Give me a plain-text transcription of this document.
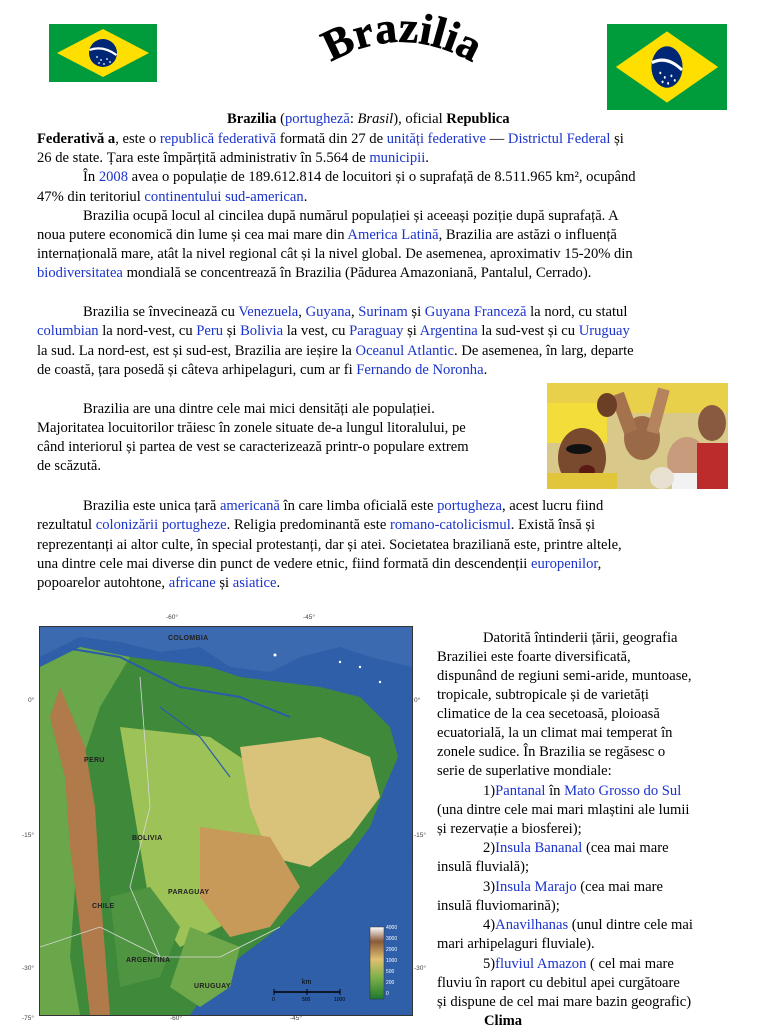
Brazilia

Brazilia (portugheză: Brasil), oficial Republica

Federativă a, este o republică federativă formată din 27 de unități federative — Districtul Federal și

26 de state. Țara este împărțită administrativ în 5.564 de municipii.

În 2008 avea o populație de 189.612.814 de locuitori și o suprafață de 8.511.965 km², ocupând

47% din teritoriul continentului sud-american.

Brazilia ocupă locul al cincilea după numărul populației și aceeași poziție după suprafață. A

noua putere economică din lume și cea mai mare din America Latină, Brazilia are astăzi o influență

internațională mare, atât la nivel regional cât și la nivel global. De asemenea, aproximativ 15-20% din

biodiversitatea mondială se concentrează în Brazilia (Pădurea Amazoniană, Pantalul, Cerrado).

Brazilia se învecinează cu Venezuela, Guyana, Surinam și Guyana Franceză la nord, cu statul

columbian la nord-vest, cu Peru și Bolivia la vest, cu Paraguay și Argentina la sud-vest și cu Uruguay

la sud. La nord-est, est și sud-est, Brazilia are ieșire la Oceanul Atlantic. De asemenea, în larg, departe

de coastă, țara posedă și câteva arhipelaguri, cum ar fi Fernando de Noronha.

Brazilia are una dintre cele mai mici densități ale populației.

Majoritatea locuitorilor trăiesc în zonele situate de-a lungul litoralului, pe

când interiorul și partea de vest se caracterizează printr-o populare extrem

de scăzută.

Brazilia este unica țară americană în care limba oficială este portugheza, acest lucru fiind

rezultatul colonizării portugheze. Religia predominantă este romano-catolicismul. Există însă și

reprezentanți ai altor culte, în special protestanți, dar și atei. Societatea braziliană este, printre altele,

una dintre cele mai diverse din punct de vedere etnic, fiind formată din descendenții europenilor,

popoarelor autohtone, africane și asiatice.

-60°	-45°
-75°	-60°	-45°
0°
-15°
-30°
0°
-15°
-30°
COLOMBIA
PERU
BOLIVIA
CHILE
PARAGUAY
ARGENTINA
URUGUAY
4000
3000
2000
1000
500
200
0
km
0	500	1000

Datorită întinderii țării, geografia

Braziliei este foarte diversificată,

dispunând de regiuni semi-aride, muntoase,

tropicale, subtropicale și de varietăți

climatice de la cea secetoasă, ploioasă

ecuatorială, la un climat mai temperat în

zonele sudice. În Brazilia se regăsesc o

serie de superlative mondiale:

1)Pantanal în Mato Grosso do Sul

(una dintre cele mai mari mlaștini ale lumii

și rezervație a biosferei);

2)Insula Bananal (cea mai mare

insulă fluvială);

3)Insula Marajo (cea mai mare

insulă fluviomarină);

4)Anavilhanas (unul dintre cele mai

mari arhipelaguri fluviale).

5)fluviul Amazon ( cel mai mare

fluviu în raport cu debitul apei curgătoare

și dispune de cel mai mare bazin geografic)

Clima
